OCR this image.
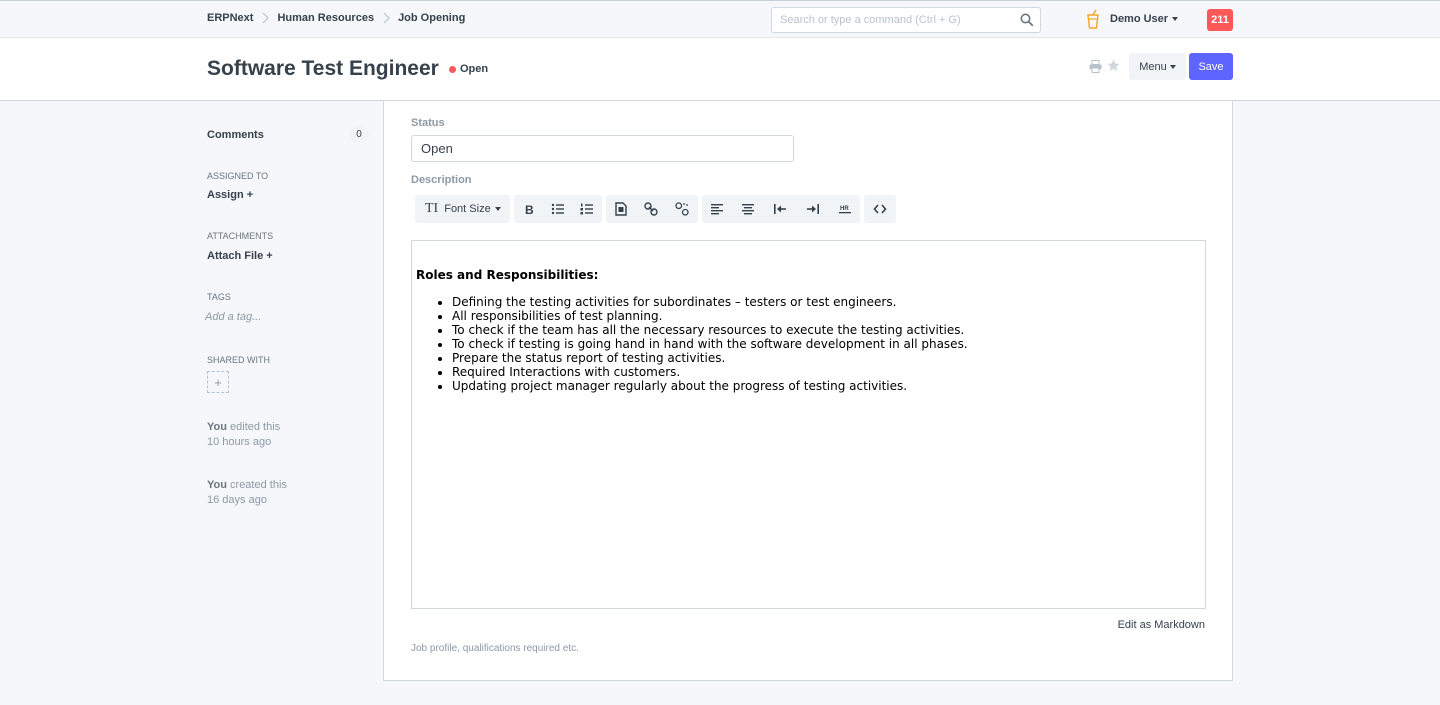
ERPNext Human Resources Job Opening
Search or type a command (Ctrl + G)	Demo User	211
Software Test Engineer Open	Menu	Save
Comments	0
ASSIGNED TO
Assign +
ATTACHMENTS
Attach File +
TAGS
Add a tag...
SHARED WITH
+
You edited this
10 hours ago
You created this
16 days ago
Status
Open
Description
TI Font Size	B	HR
Roles and Responsibilities:
• Defining the testing activities for subordinates – testers or test engineers.
• All responsibilities of test planning.
• To check if the team has all the necessary resources to execute the testing activities.
• To check if testing is going hand in hand with the software development in all phases.
• Prepare the status report of testing activities.
• Required Interactions with customers.
• Updating project manager regularly about the progress of testing activities.
Edit as Markdown
Job profile, qualifications required etc.
